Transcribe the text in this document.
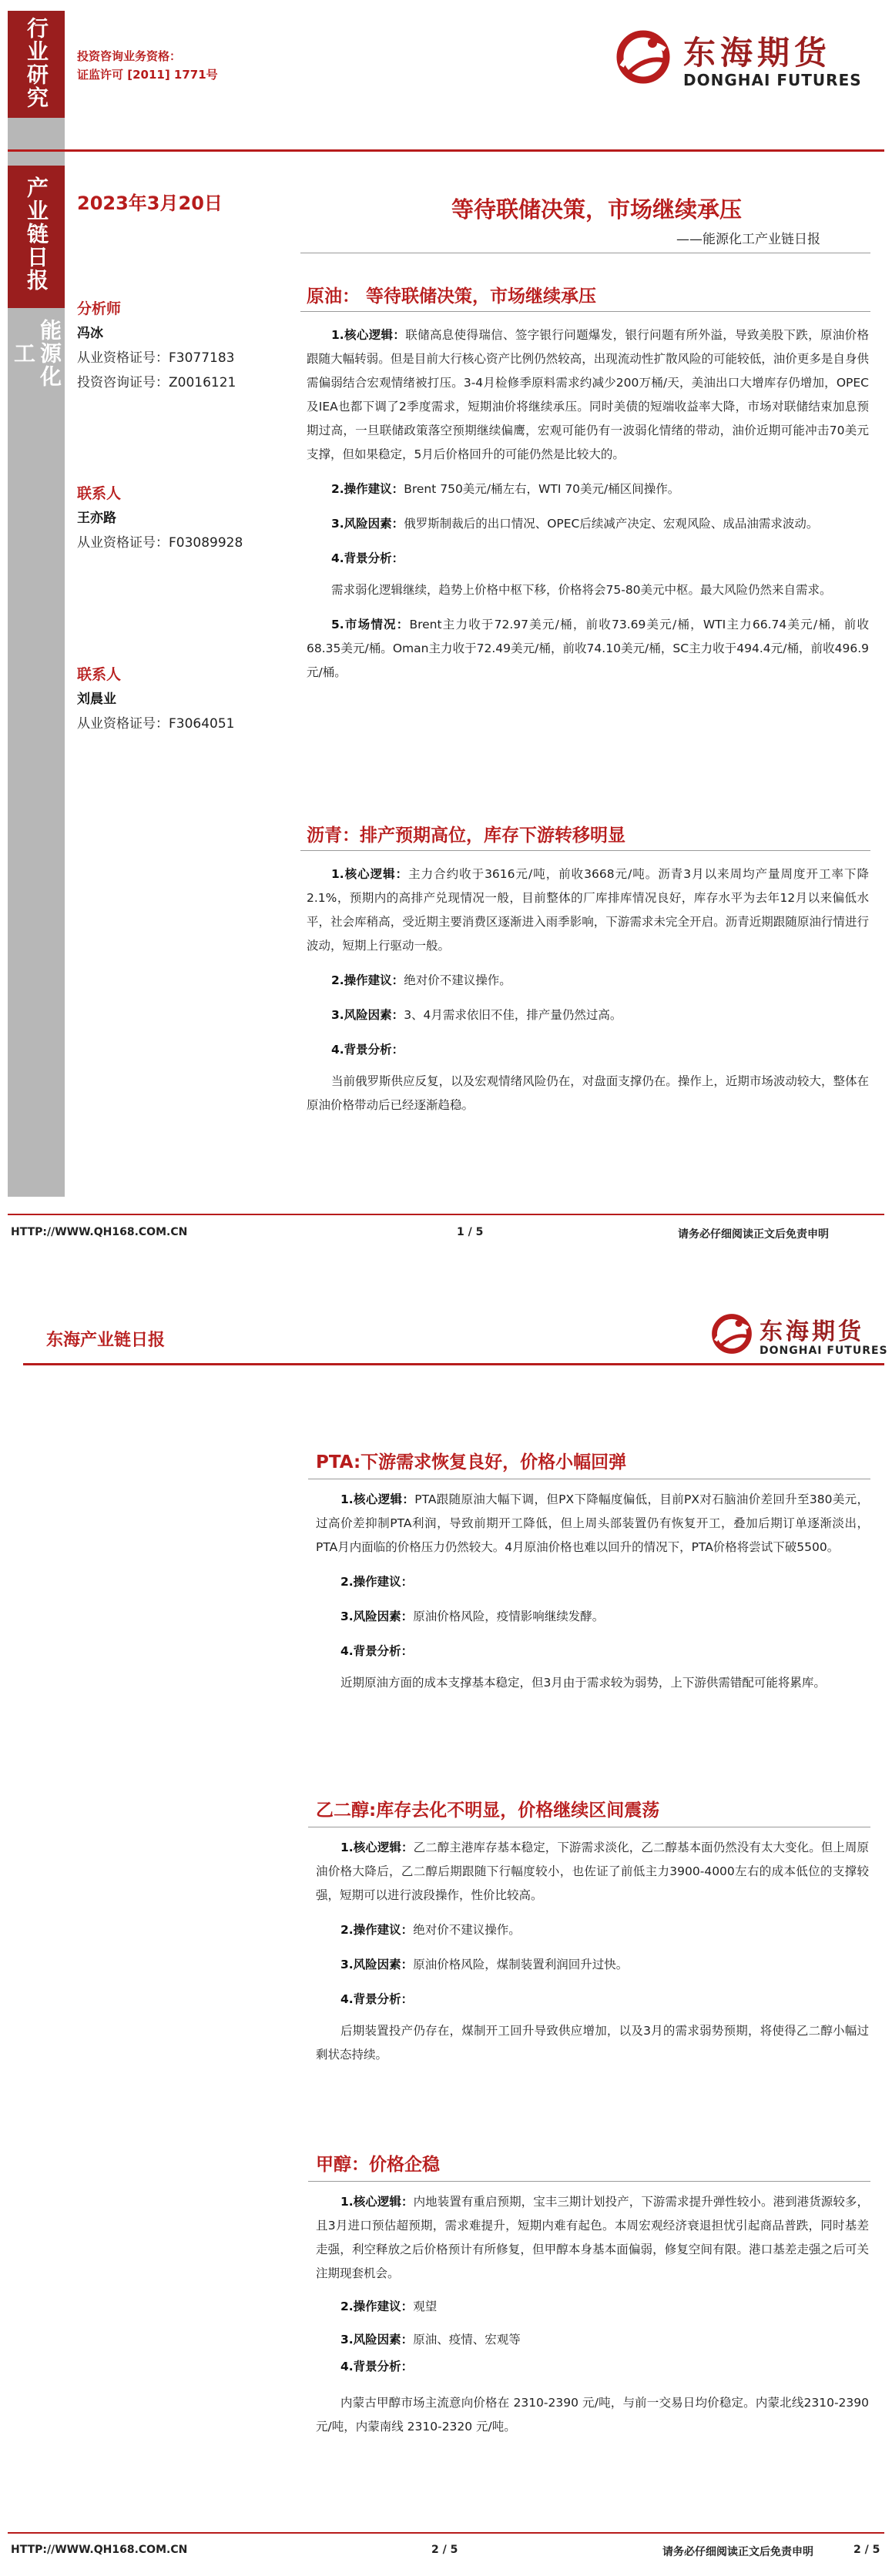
行业研究
产业链日报
能源化工
投资咨询业务资格：
证监许可 [2011] 1771号
东海期货
DONGHAI FUTURES
2023年3月20日	等待联储决策，市场继续承压
——能源化工产业链日报
分析师
冯冰
从业资格证号：F3077183
投资咨询证号：Z0016121
联系人
王亦路
从业资格证号：F03089928
联系人
刘晨业
从业资格证号：F3064051
原油： 等待联储决策，市场继续承压
1.核心逻辑：联储高息使得瑞信、签字银行问题爆发，银行问题有所外溢，导致美股下跌，原油价格跟随大幅转弱。但是目前大行核心资产比例仍然较高，出现流动性扩散风险的可能较低，油价更多是自身供需偏弱结合宏观情绪被打压。3-4月检修季原料需求约减少200万桶/天，美油出口大增库存仍增加，OPEC及IEA也都下调了2季度需求，短期油价将继续承压。同时美债的短端收益率大降，市场对联储结束加息预期过高，一旦联储政策落空预期继续偏鹰，宏观可能仍有一波弱化情绪的带动，油价近期可能冲击70美元支撑，但如果稳定，5月后价格回升的可能仍然是比较大的。
2.操作建议：Brent 750美元/桶左右，WTI 70美元/桶区间操作。
3.风险因素：俄罗斯制裁后的出口情况、OPEC后续减产决定、宏观风险、成品油需求波动。
4.背景分析：
需求弱化逻辑继续，趋势上价格中枢下移，价格将会75-80美元中枢。最大风险仍然来自需求。
5.市场情况：Brent主力收于72.97美元/桶，前收73.69美元/桶，WTI主力66.74美元/桶，前收68.35美元/桶。Oman主力收于72.49美元/桶，前收74.10美元/桶，SC主力收于494.4元/桶，前收496.9元/桶。
沥青：排产预期高位，库存下游转移明显
1.核心逻辑：主力合约收于3616元/吨，前收3668元/吨。沥青3月以来周均产量周度开工率下降2.1%，预期内的高排产兑现情况一般，目前整体的厂库排库情况良好，库存水平为去年12月以来偏低水平，社会库稍高，受近期主要消费区逐渐进入雨季影响，下游需求未完全开启。沥青近期跟随原油行情进行波动，短期上行驱动一般。
2.操作建议：绝对价不建议操作。
3.风险因素：3、4月需求依旧不佳，排产量仍然过高。
4.背景分析：
当前俄罗斯供应反复，以及宏观情绪风险仍在，对盘面支撑仍在。操作上，近期市场波动较大，整体在原油价格带动后已经逐渐趋稳。
HTTP://WWW.QH168.COM.CN	1 / 5	请务必仔细阅读正文后免责申明
东海产业链日报	东海期货
DONGHAI FUTURES
PTA:下游需求恢复良好，价格小幅回弹
1.核心逻辑：PTA跟随原油大幅下调，但PX下降幅度偏低，目前PX对石脑油价差回升至380美元，过高价差抑制PTA利润，导致前期开工降低，但上周头部装置仍有恢复开工，叠加后期订单逐渐淡出，PTA月内面临的价格压力仍然较大。4月原油价格也难以回升的情况下，PTA价格将尝试下破5500。
2.操作建议：
3.风险因素：原油价格风险，疫情影响继续发酵。
4.背景分析：
近期原油方面的成本支撑基本稳定，但3月由于需求较为弱势，上下游供需错配可能将累库。
乙二醇:库存去化不明显，价格继续区间震荡
1.核心逻辑：乙二醇主港库存基本稳定，下游需求淡化，乙二醇基本面仍然没有太大变化。但上周原油价格大降后，乙二醇后期跟随下行幅度较小，也佐证了前低主力3900-4000左右的成本低位的支撑较强，短期可以进行波段操作，性价比较高。
2.操作建议：绝对价不建议操作。
3.风险因素：原油价格风险，煤制装置利润回升过快。
4.背景分析：
后期装置投产仍存在，煤制开工回升导致供应增加，以及3月的需求弱势预期，将使得乙二醇小幅过剩状态持续。
甲醇：价格企稳
1.核心逻辑：内地装置有重启预期，宝丰三期计划投产，下游需求提升弹性较小。港到港货源较多，且3月进口预估超预期，需求难提升，短期内难有起色。本周宏观经济衰退担忧引起商品普跌，同时基差走强，利空释放之后价格预计有所修复，但甲醇本身基本面偏弱，修复空间有限。港口基差走强之后可关注期现套机会。
2.操作建议：观望
3.风险因素：原油、疫情、宏观等
4.背景分析：
内蒙古甲醇市场主流意向价格在 2310-2390 元/吨，与前一交易日均价稳定。内蒙北线2310-2390 元/吨，内蒙南线 2310-2320 元/吨。
HTTP://WWW.QH168.COM.CN	2 / 5	请务必仔细阅读正文后免责申明	2 / 5
